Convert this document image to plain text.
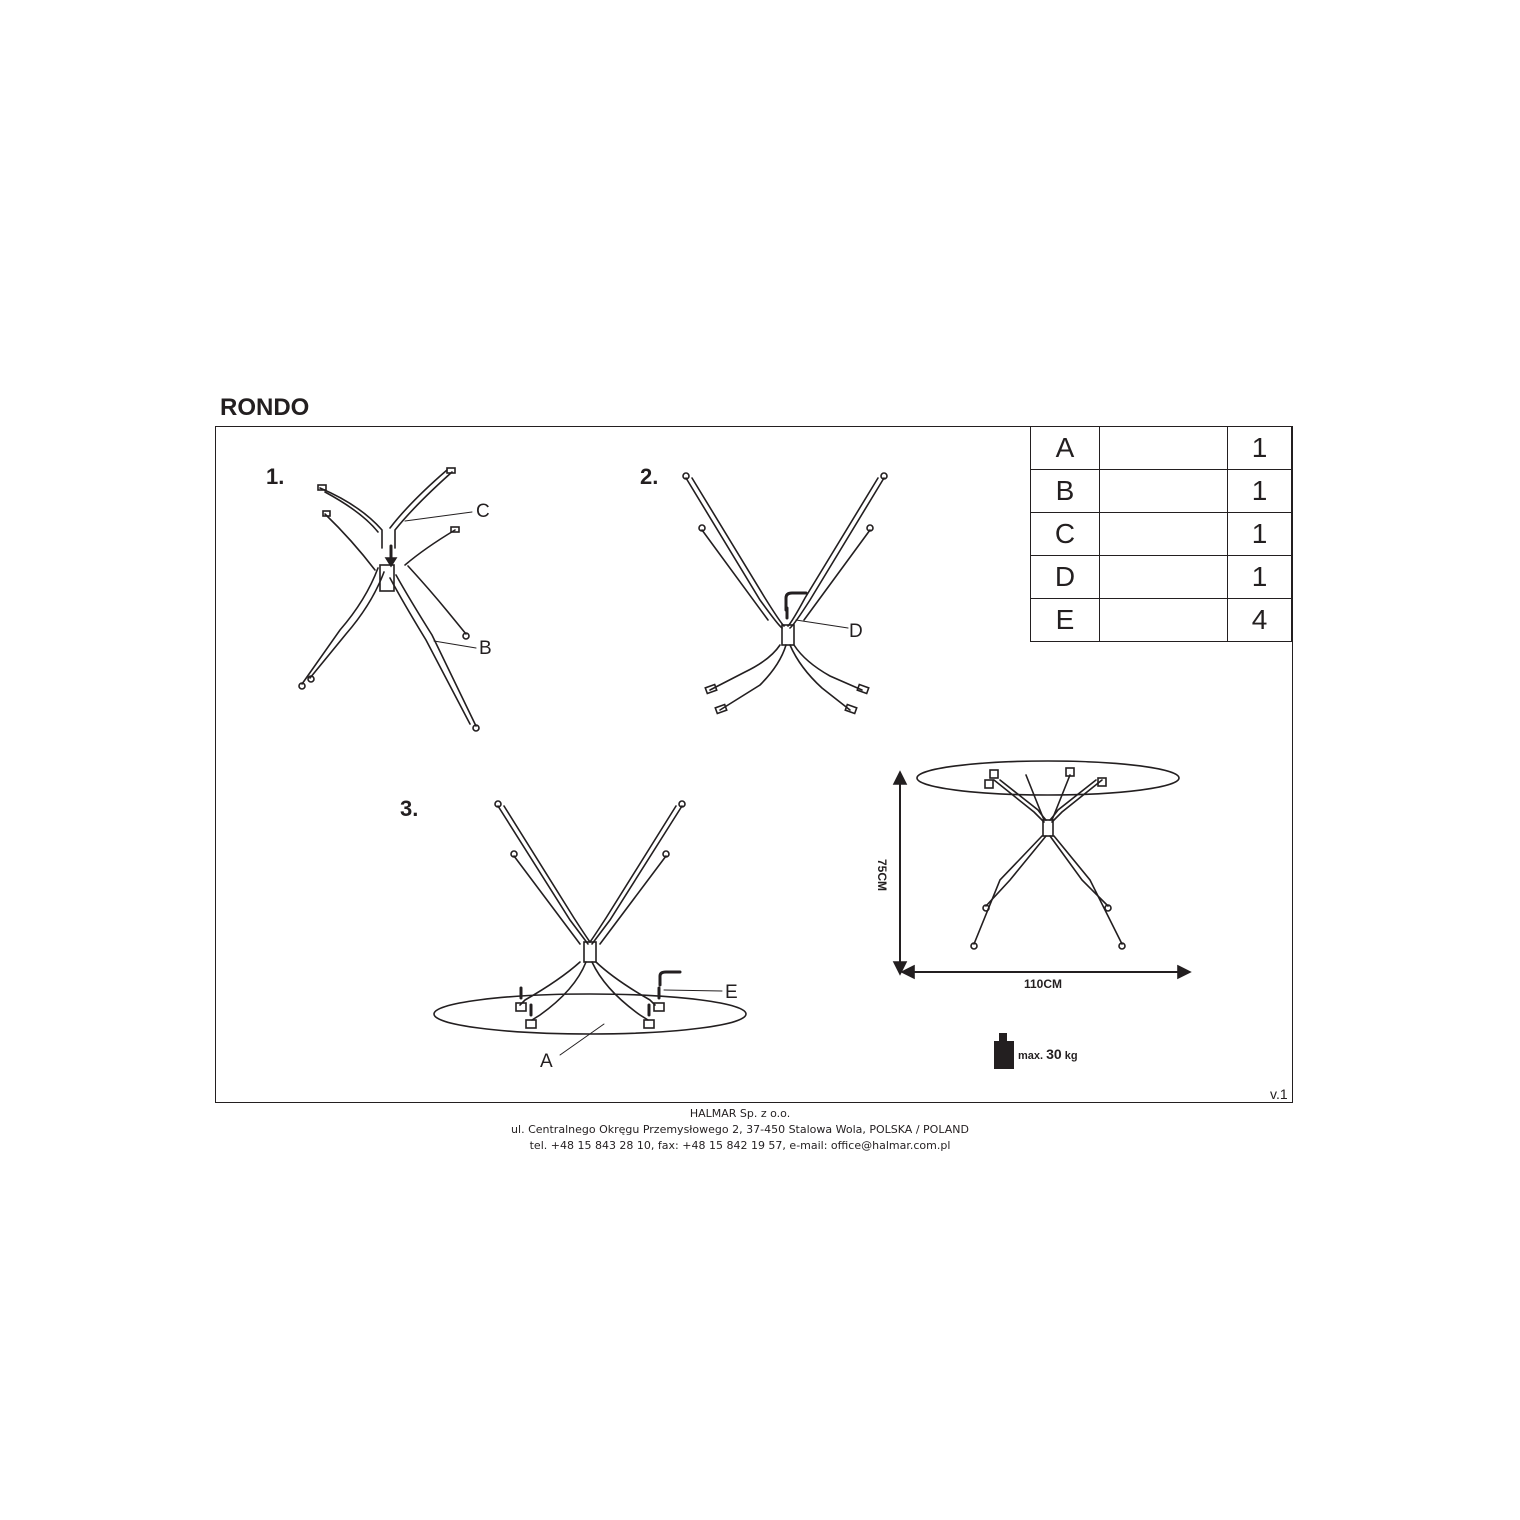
RONDO
1.	2.
3.
C
B
D
E
A
A		1
B		1
C		1
D		1
E		4
75CM
110CM
max. 30 kg
v.1
HALMAR Sp. z o.o.
ul. Centralnego Okręgu Przemysłowego 2, 37-450 Stalowa Wola, POLSKA / POLAND
tel. +48 15 843 28 10, fax: +48 15 842 19 57, e-mail: office@halmar.com.pl
